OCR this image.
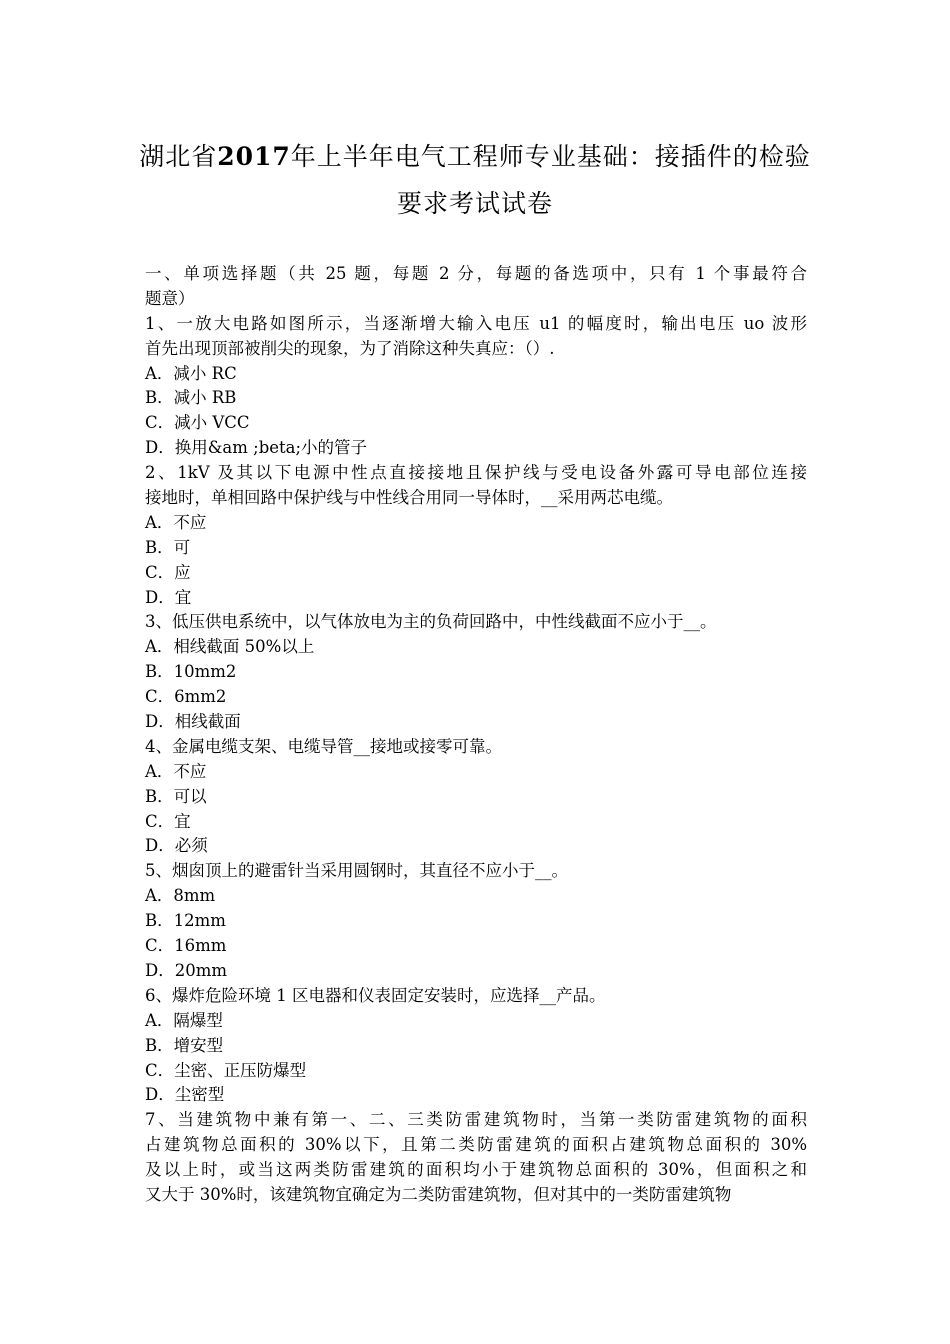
湖北省2017年上半年电气工程师专业基础：接插件的检验
要求考试试卷
一、单项选择题（共 25 题，每题 2 分，每题的备选项中，只有 1 个事最符合
题意）
1、一放大电路如图所示，当逐渐增大输入电压 u1 的幅度时，输出电压 uo 波形
首先出现顶部被削尖的现象，为了消除这种失真应：（）.
A．减小 RC
B．减小 RB
C．减小 VCC
D．换用&am ;beta;小的管子
2、1kV 及其以下电源中性点直接接地且保护线与受电设备外露可导电部位连接
接地时，单相回路中保护线与中性线合用同一导体时，__采用两芯电缆。
A．不应
B．可
C．应
D．宜
3、低压供电系统中，以气体放电为主的负荷回路中，中性线截面不应小于__。
A．相线截面 50%以上
B．10mm2
C．6mm2
D．相线截面
4、金属电缆支架、电缆导管__接地或接零可靠。
A．不应
B．可以
C．宜
D．必须
5、烟囱顶上的避雷针当采用圆钢时，其直径不应小于__。
A．8mm
B．12mm
C．16mm
D．20mm
6、爆炸危险环境 1 区电器和仪表固定安装时，应选择__产品。
A．隔爆型
B．增安型
C．尘密、正压防爆型
D．尘密型
7、当建筑物中兼有第一、二、三类防雷建筑物时，当第一类防雷建筑物的面积
占建筑物总面积的 30%以下，且第二类防雷建筑的面积占建筑物总面积的 30%
及以上时，或当这两类防雷建筑的面积均小于建筑物总面积的 30%，但面积之和
又大于 30%时，该建筑物宜确定为二类防雷建筑物，但对其中的一类防雷建筑物
